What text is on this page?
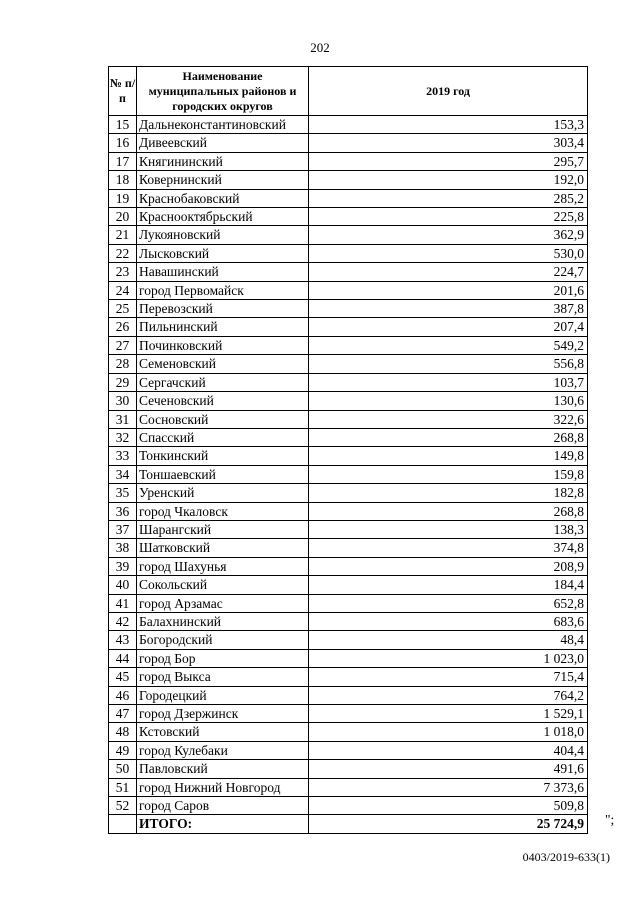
202
№ п/п	Наименование муниципальных районов и городских округов	2019 год
15	Дальнеконстантиновский	153,3
16	Дивеевский	303,4
17	Княгининский	295,7
18	Ковернинский	192,0
19	Краснобаковский	285,2
20	Краснооктябрьский	225,8
21	Лукояновский	362,9
22	Лысковский	530,0
23	Навашинский	224,7
24	город Первомайск	201,6
25	Перевозский	387,8
26	Пильнинский	207,4
27	Починковский	549,2
28	Семеновский	556,8
29	Сергачский	103,7
30	Сеченовский	130,6
31	Сосновский	322,6
32	Спасский	268,8
33	Тонкинский	149,8
34	Тоншаевский	159,8
35	Уренский	182,8
36	город Чкаловск	268,8
37	Шарангский	138,3
38	Шатковский	374,8
39	город Шахунья	208,9
40	Сокольский	184,4
41	город Арзамас	652,8
42	Балахнинский	683,6
43	Богородский	48,4
44	город Бор	1 023,0
45	город Выкса	715,4
46	Городецкий	764,2
47	город Дзержинск	1 529,1
48	Кстовский	1 018,0
49	город Кулебаки	404,4
50	Павловский	491,6
51	город Нижний Новгород	7 373,6
52	город Саров	509,8
	ИТОГО:	25 724,9 ";
0403/2019-633(1)
